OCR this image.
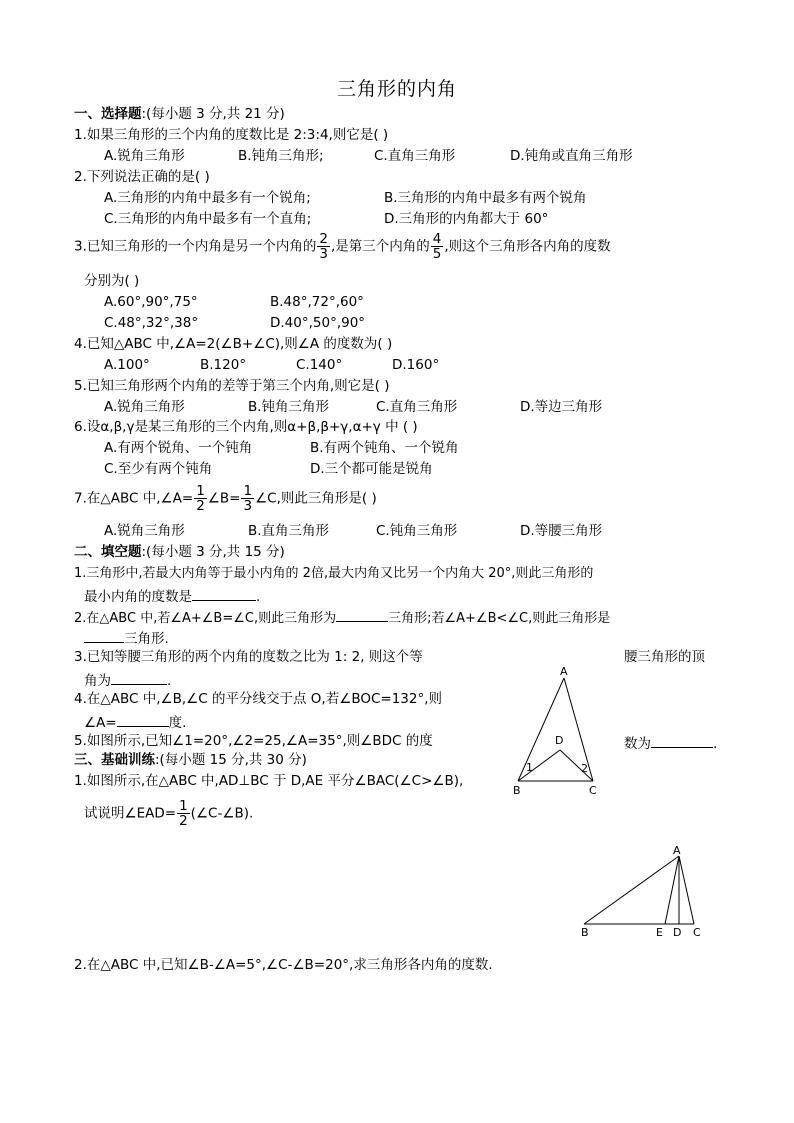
三角形的内角
一、选择题:(每小题 3 分,共 21 分)
1.如果三角形的三个内角的度数比是 2:3:4,则它是( )
A.锐角三角形	B.钝角三角形;	C.直角三角形	D.钝角或直角三角形
2.下列说法正确的是( )
A.三角形的内角中最多有一个锐角;	B.三角形的内角中最多有两个锐角
C.三角形的内角中最多有一个直角;	D.三角形的内角都大于 60°
3.已知三角形的一个内角是另一个内角的 $\frac{2}{3}$ ,是第三个内角的 $\frac{4}{5}$ ,则这个三角形各内角的度数
分别为( )
A.60°,90°,75°	B.48°,72°,60°
C.48°,32°,38°	D.40°,50°,90°
4.已知△ABC 中,∠A=2(∠B+∠C),则∠A 的度数为( )
A.100°	B.120°	C.140°	D.160°
5.已知三角形两个内角的差等于第三个内角,则它是( )
A.锐角三角形	B.钝角三角形	C.直角三角形	D.等边三角形
6.设α,β,γ是某三角形的三个内角,则α+β,β+γ,α+γ 中 ( )
A.有两个锐角、一个钝角	B.有两个钝角、一个锐角
C.至少有两个钝角	D.三个都可能是锐角
7.在△ABC 中,∠A= $\frac{1}{2}$ ∠B= $\frac{1}{3}$ ∠C,则此三角形是( )
A.锐角三角形	B.直角三角形	C.钝角三角形	D.等腰三角形
二、填空题:(每小题 3 分,共 15 分)
1.三角形中,若最大内角等于最小内角的 2倍,最大内角又比另一个内角大 20°,则此三角形的
最小内角的度数是	.
2.在△ABC 中,若∠A+∠B=∠C,则此三角形为	三角形;若∠A+∠B<∠C,则此三角形是
三角形.
3.已知等腰三角形的两个内角的度数之比为 1: 2, 则这个等	腰三角形的顶
角为	.
4.在△ABC 中,∠B,∠C 的平分线交于点 O,若∠BOC=132°,则
∠A=	度.
5.如图所示,已知∠1=20°,∠2=25,∠A=35°,则∠BDC 的度	数为	.
A
B	C
D
1	2
三、基础训练:(每小题 15 分,共 30 分)
1.如图所示,在△ABC 中,AD⊥BC 于 D,AE 平分∠BAC(∠C>∠B),
试说明∠EAD= $\frac{1}{2}$ (∠C-∠B).
A
B	E D C
2.在△ABC 中,已知∠B-∠A=5°,∠C-∠B=20°,求三角形各内角的度数.
